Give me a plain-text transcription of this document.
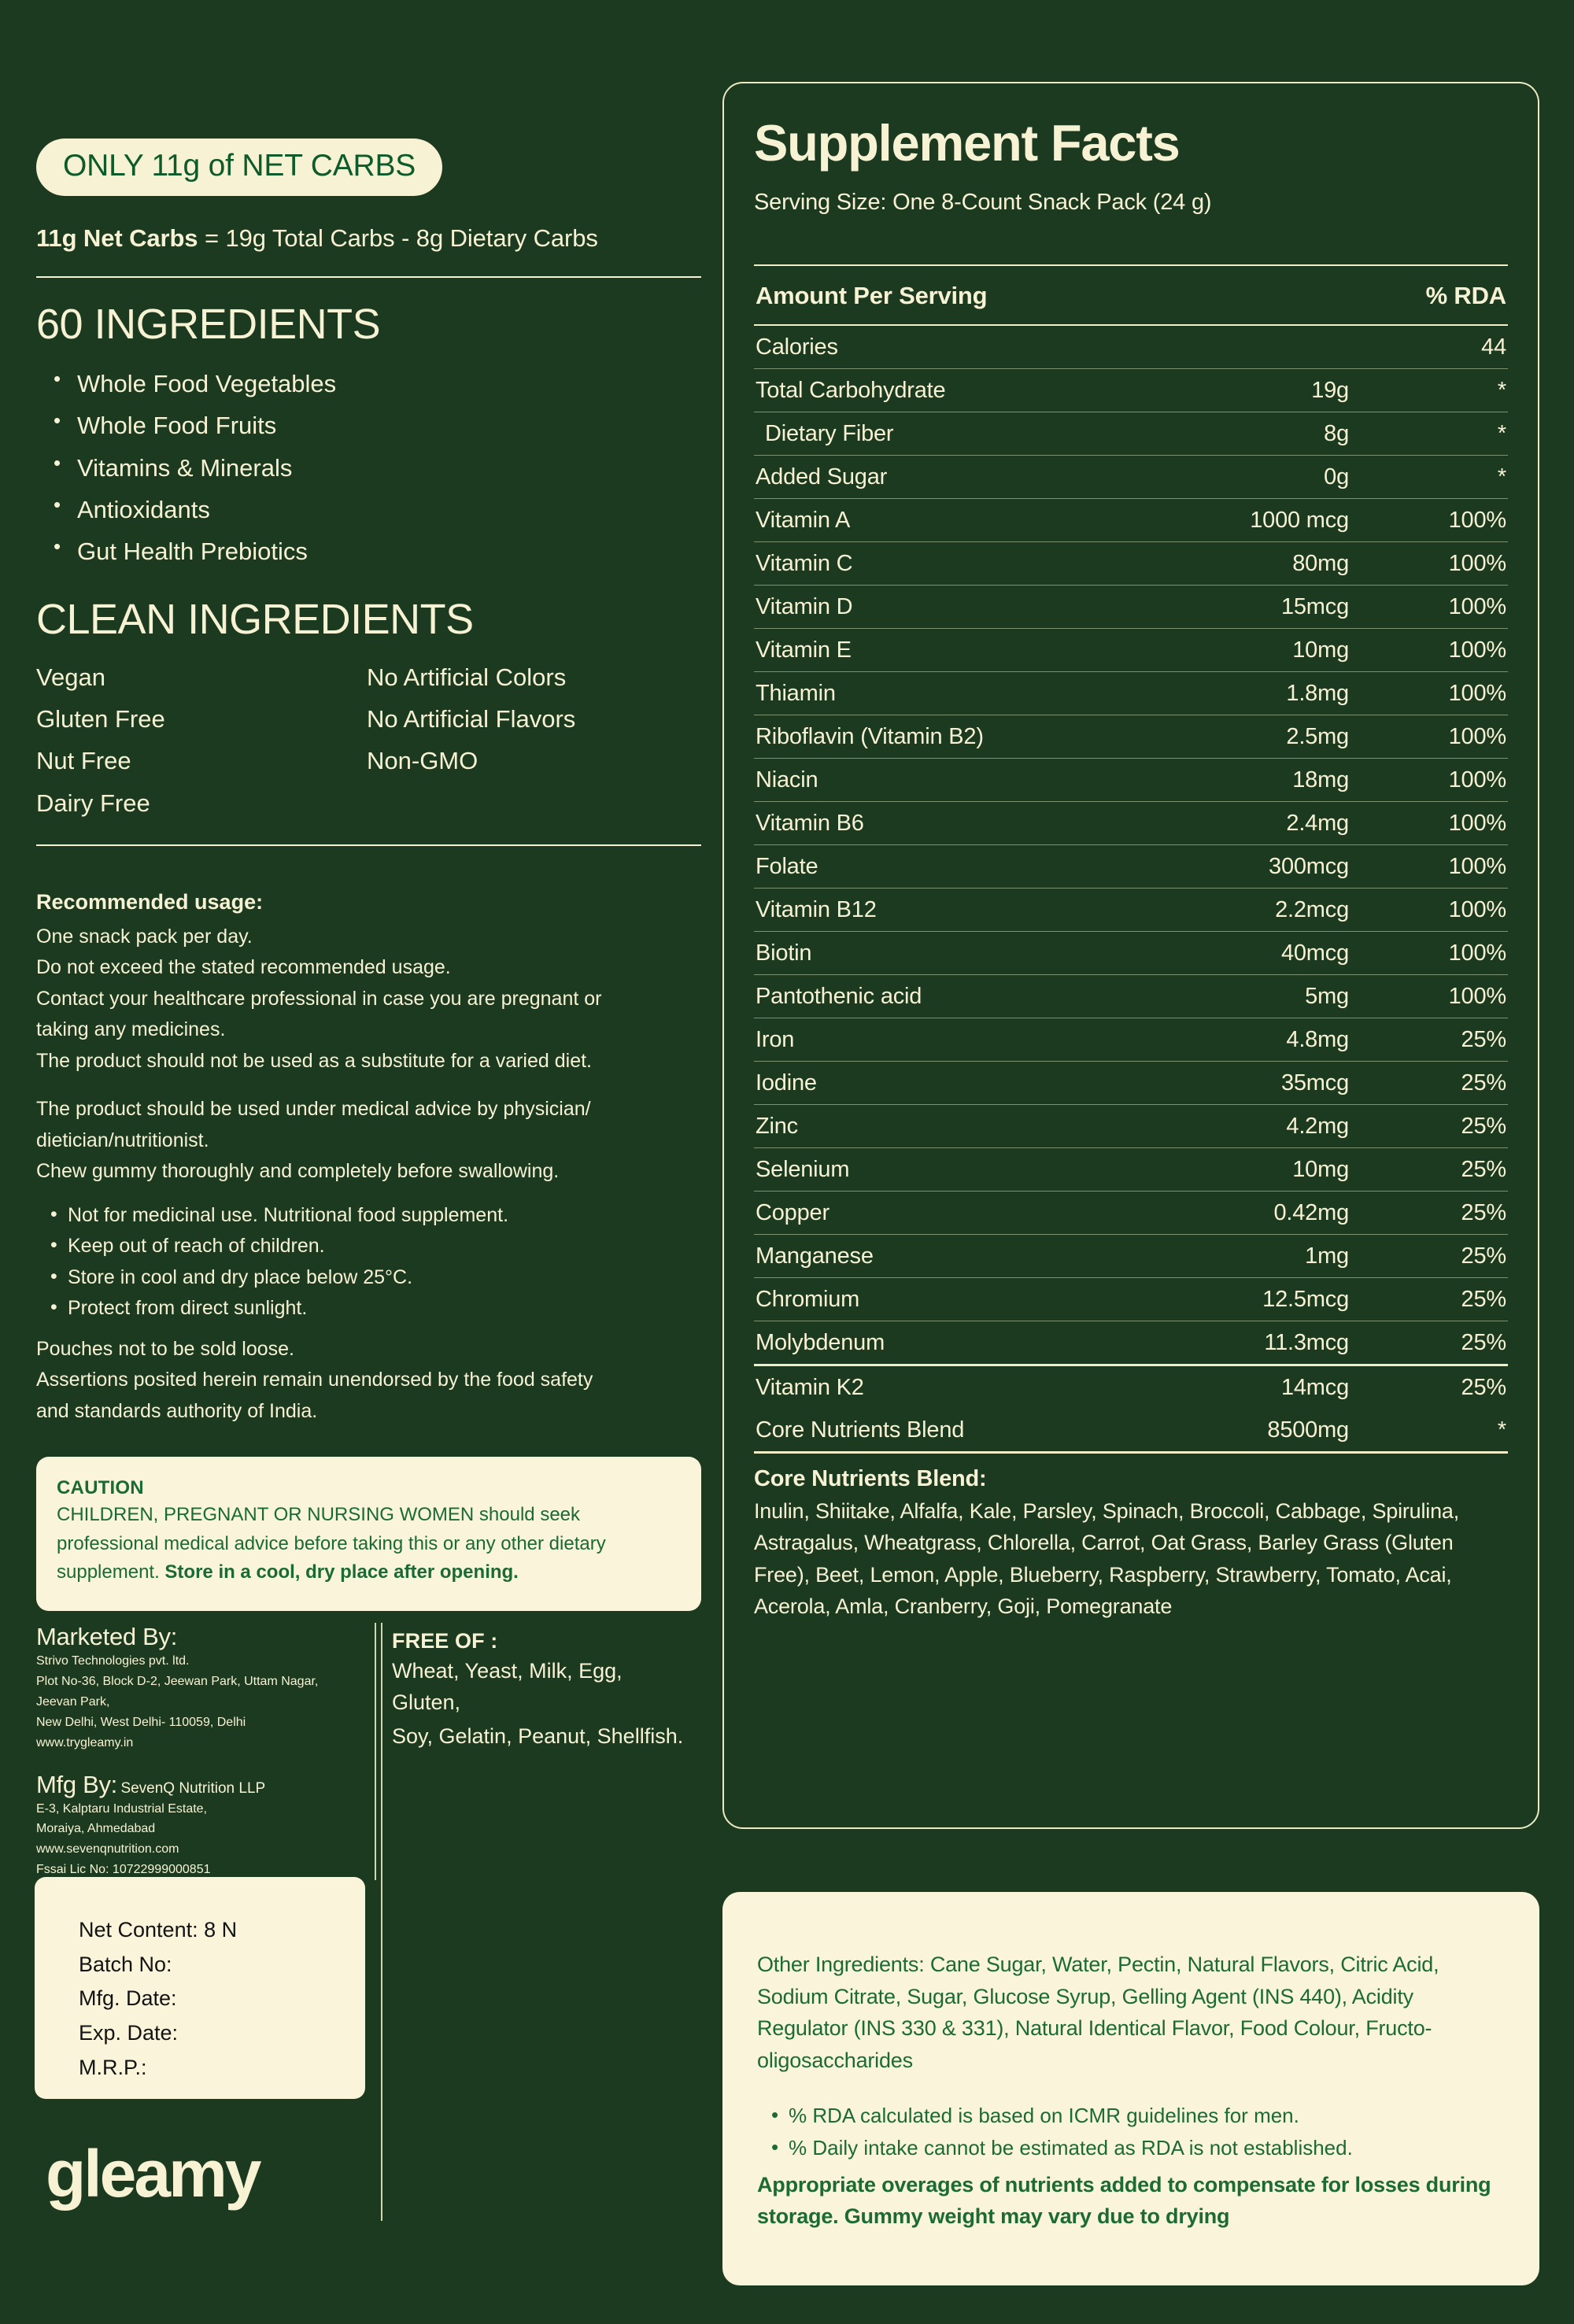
ONLY 11g of NET CARBS
11g Net Carbs = 19g Total Carbs - 8g Dietary Carbs
60 INGREDIENTS
• Whole Food Vegetables
• Whole Food Fruits
• Vitamins & Minerals
• Antioxidants
• Gut Health Prebiotics
CLEAN INGREDIENTS
Vegan	No Artificial Colors
Gluten Free	No Artificial Flavors
Nut Free	Non-GMO
Dairy Free
Recommended usage:
One snack pack per day.
Do not exceed the stated recommended usage.
Contact your healthcare professional in case you are pregnant or
taking any medicines.
The product should not be used as a substitute for a varied diet.
The product should be used under medical advice by physician/
dietician/nutritionist.
Chew gummy thoroughly and completely before swallowing.
• Not for medicinal use. Nutritional food supplement.
• Keep out of reach of children.
• Store in cool and dry place below 25°C.
• Protect from direct sunlight.
Pouches not to be sold loose.
Assertions posited herein remain unendorsed by the food safety
and standards authority of India.
CAUTION
CHILDREN, PREGNANT OR NURSING WOMEN should seek professional medical advice before taking this or any other dietary supplement. Store in a cool, dry place after opening.
Marketed By:
Strivo Technologies pvt. ltd.
Plot No-36, Block D-2, Jeewan Park, Uttam Nagar, Jeevan Park,
New Delhi, West Delhi- 110059, Delhi
www.trygleamy.in
Mfg By: SevenQ Nutrition LLP
E-3, Kalptaru Industrial Estate,
Moraiya, Ahmedabad
www.sevenqnutrition.com
Fssai Lic No: 10722999000851
FREE OF :
Wheat, Yeast, Milk, Egg, Gluten,
Soy, Gelatin, Peanut, Shellfish.
Net Content: 8 N
Batch No:
Mfg. Date:
Exp. Date:
M.R.P.:
gleamy
Supplement Facts
Serving Size: One 8-Count Snack Pack (24 g)
Amount Per Serving	% RDA
Calories		44
Total Carbohydrate	19g	*
Dietary Fiber	8g	*
Added Sugar	0g	*
Vitamin A	1000 mcg	100%
Vitamin C	80mg	100%
Vitamin D	15mcg	100%
Vitamin E	10mg	100%
Thiamin	1.8mg	100%
Riboflavin (Vitamin B2)	2.5mg	100%
Niacin	18mg	100%
Vitamin B6	2.4mg	100%
Folate	300mcg	100%
Vitamin B12	2.2mcg	100%
Biotin	40mcg	100%
Pantothenic acid	5mg	100%
Iron	4.8mg	25%
Iodine	35mcg	25%
Zinc	4.2mg	25%
Selenium	10mg	25%
Copper	0.42mg	25%
Manganese	1mg	25%
Chromium	12.5mcg	25%
Molybdenum	11.3mcg	25%
Vitamin K2	14mcg	25%
Core Nutrients Blend	8500mg	*
Core Nutrients Blend:
Inulin, Shiitake, Alfalfa, Kale, Parsley, Spinach, Broccoli, Cabbage, Spirulina, Astragalus, Wheatgrass, Chlorella, Carrot, Oat Grass, Barley Grass (Gluten Free), Beet, Lemon, Apple, Blueberry, Raspberry, Strawberry, Tomato, Acai, Acerola, Amla, Cranberry, Goji, Pomegranate
Other Ingredients: Cane Sugar, Water, Pectin, Natural Flavors, Citric Acid, Sodium Citrate, Sugar, Glucose Syrup, Gelling Agent (INS 440), Acidity Regulator (INS 330 & 331), Natural Identical Flavor, Food Colour, Fructo-oligosaccharides
• % RDA calculated is based on ICMR guidelines for men.
• % Daily intake cannot be estimated as RDA is not established.
Appropriate overages of nutrients added to compensate for losses during storage. Gummy weight may vary due to drying
